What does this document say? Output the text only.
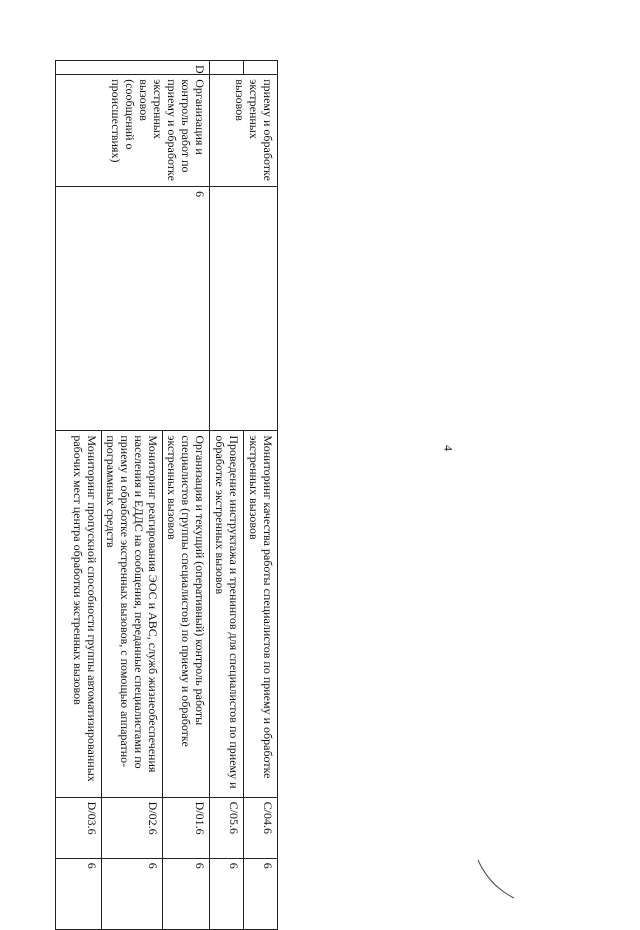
4
	приему и обработке экстренных вызовов		Мониторинг качества работы специалистов по приему и обработке экстренных вызовов	C/04.6	6
			Проведение инструктажа и тренингов для специалистов по приему и обработке экстренных вызовов	C/05.6	6
D	Организация и контроль работ по приему и обработке экстренных вызовов (сообщений о происшествиях)	6	Организация и текущий (оперативный) контроль работы специалистов (группы специалистов) по приему и обработке экстренных вызовов	D/01.6	6
			Мониторинг реагирования ЭОС и АВС, служб жизнеобеспечения населения и ЕДДС на сообщения, переданные специалистами по приему и обработке экстренных вызовов, с помощью аппаратно-программных средств	D/02.6	6
			Мониторинг пропускной способности группы автоматизированных рабочих мест центра обработки экстренных вызовов	D/03.6	6
